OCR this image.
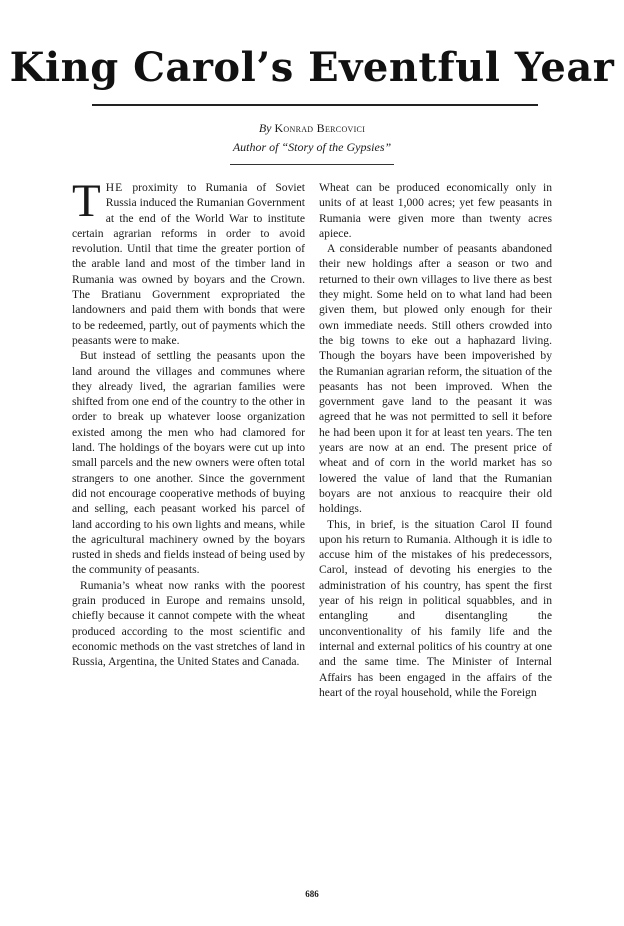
King Carol’s Eventful Year
By Konrad Bercovici
Author of “Story of the Gypsies”

THE proximity to Rumania of Soviet Russia induced the Rumanian Government at the end of the World War to institute certain agrarian reforms in order to avoid revolution. Until that time the greater portion of the arable land and most of the timber land in Rumania was owned by boyars and the Crown. The Bratianu Government expropriated the landowners and paid them with bonds that were to be redeemed, partly, out of payments which the peasants were to make.

But instead of settling the peasants upon the land around the villages and communes where they already lived, the agrarian families were shifted from one end of the country to the other in order to break up whatever loose organization existed among the men who had clamored for land. The holdings of the boyars were cut up into small parcels and the new owners were often total strangers to one another. Since the government did not encourage cooperative methods of buying and selling, each peasant worked his parcel of land according to his own lights and means, while the agricultural machinery owned by the boyars rusted in sheds and fields instead of being used by the community of peasants.

Rumania’s wheat now ranks with the poorest grain produced in Europe and remains unsold, chiefly because it cannot compete with the wheat produced according to the most scientific and economic methods on the vast stretches of land in Russia, Argentina, the United States and Canada.

Wheat can be produced economically only in units of at least 1,000 acres; yet few peasants in Rumania were given more than twenty acres apiece.

A considerable number of peasants abandoned their new holdings after a season or two and returned to their own villages to live there as best they might. Some held on to what land had been given them, but plowed only enough for their own immediate needs. Still others crowded into the big towns to eke out a haphazard living. Though the boyars have been impoverished by the Rumanian agrarian reform, the situation of the peasants has not been improved. When the government gave land to the peasant it was agreed that he was not permitted to sell it before he had been upon it for at least ten years. The ten years are now at an end. The present price of wheat and of corn in the world market has so lowered the value of land that the Rumanian boyars are not anxious to reacquire their old holdings.

This, in brief, is the situation Carol II found upon his return to Rumania. Although it is idle to accuse him of the mistakes of his predecessors, Carol, instead of devoting his energies to the administration of his country, has spent the first year of his reign in political squabbles, and in entangling and disentangling the unconventionality of his family life and the internal and external politics of his country at one and the same time. The Minister of Internal Affairs has been engaged in the affairs of the heart of the royal household, while the Foreign

686
